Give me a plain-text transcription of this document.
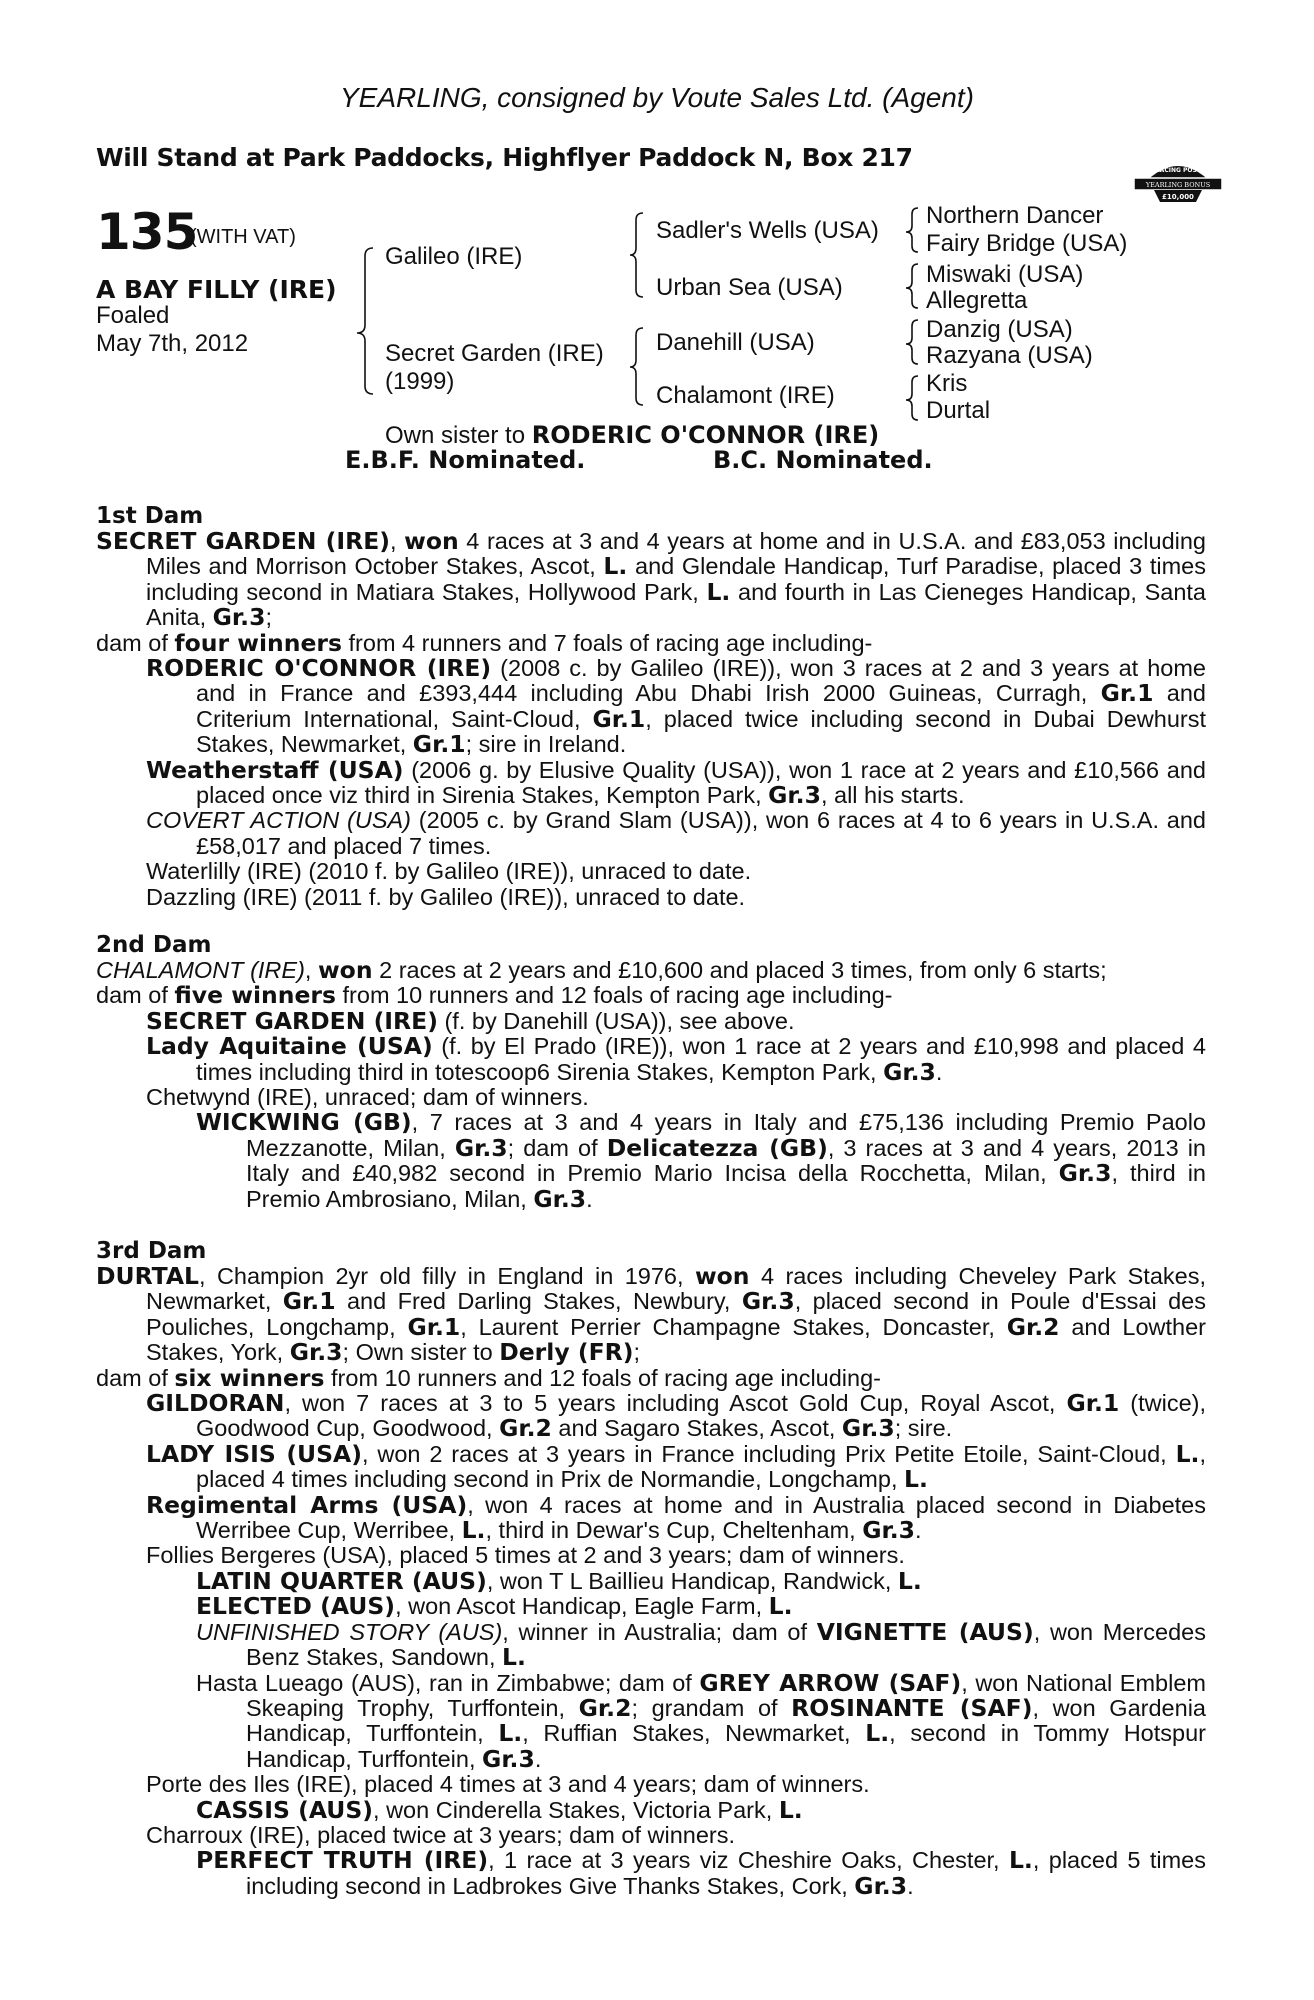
YEARLING, consigned by Voute Sales Ltd. (Agent)
Will Stand at Park Paddocks, Highflyer Paddock N, Box 217	RACING POST
YEARLING BONUS
£10,000
135
(WITH VAT)
A BAY FILLY (IRE)
Foaled
May 7th, 2012
Galileo (IRE)
Secret Garden (IRE)
(1999)
Sadler's Wells (USA)
Urban Sea (USA)
Danehill (USA)
Chalamont (IRE)
Northern Dancer
Fairy Bridge (USA)
Miswaki (USA)
Allegretta
Danzig (USA)
Razyana (USA)
Kris
Durtal
Own sister to RODERIC O'CONNOR (IRE)
E.B.F. Nominated.	B.C. Nominated.
1st Dam

SECRET GARDEN (IRE), won 4 races at 3 and 4 years at home and in U.S.A. and £83,053 including Miles and Morrison October Stakes, Ascot, L. and Glendale Handicap, Turf Paradise, placed 3 times including second in Matiara Stakes, Hollywood Park, L. and fourth in Las Cieneges Handicap, Santa Anita, Gr.3;

dam of four winners from 4 runners and 7 foals of racing age including-

RODERIC O'CONNOR (IRE) (2008 c. by Galileo (IRE)), won 3 races at 2 and 3 years at home and in France and £393,444 including Abu Dhabi Irish 2000 Guineas, Curragh, Gr.1 and Criterium International, Saint-Cloud, Gr.1, placed twice including second in Dubai Dewhurst Stakes, Newmarket, Gr.1; sire in Ireland.

Weatherstaff (USA) (2006 g. by Elusive Quality (USA)), won 1 race at 2 years and £10,566 and placed once viz third in Sirenia Stakes, Kempton Park, Gr.3, all his starts.

COVERT ACTION (USA) (2005 c. by Grand Slam (USA)), won 6 races at 4 to 6 years in U.S.A. and £58,017 and placed 7 times.

Waterlilly (IRE) (2010 f. by Galileo (IRE)), unraced to date.

Dazzling (IRE) (2011 f. by Galileo (IRE)), unraced to date.

2nd Dam

CHALAMONT (IRE), won 2 races at 2 years and £10,600 and placed 3 times, from only 6 starts;

dam of five winners from 10 runners and 12 foals of racing age including-

SECRET GARDEN (IRE) (f. by Danehill (USA)), see above.

Lady Aquitaine (USA) (f. by El Prado (IRE)), won 1 race at 2 years and £10,998 and placed 4 times including third in totescoop6 Sirenia Stakes, Kempton Park, Gr.3.

Chetwynd (IRE), unraced; dam of winners.

WICKWING (GB), 7 races at 3 and 4 years in Italy and £75,136 including Premio Paolo Mezzanotte, Milan, Gr.3; dam of Delicatezza (GB), 3 races at 3 and 4 years, 2013 in Italy and £40,982 second in Premio Mario Incisa della Rocchetta, Milan, Gr.3, third in Premio Ambrosiano, Milan, Gr.3.

3rd Dam

DURTAL, Champion 2yr old filly in England in 1976, won 4 races including Cheveley Park Stakes, Newmarket, Gr.1 and Fred Darling Stakes, Newbury, Gr.3, placed second in Poule d'Essai des Pouliches, Longchamp, Gr.1, Laurent Perrier Champagne Stakes, Doncaster, Gr.2 and Lowther Stakes, York, Gr.3; Own sister to Derly (FR);

dam of six winners from 10 runners and 12 foals of racing age including-

GILDORAN, won 7 races at 3 to 5 years including Ascot Gold Cup, Royal Ascot, Gr.1 (twice), Goodwood Cup, Goodwood, Gr.2 and Sagaro Stakes, Ascot, Gr.3; sire.

LADY ISIS (USA), won 2 races at 3 years in France including Prix Petite Etoile, Saint-Cloud, L., placed 4 times including second in Prix de Normandie, Longchamp, L.

Regimental Arms (USA), won 4 races at home and in Australia placed second in Diabetes Werribee Cup, Werribee, L., third in Dewar's Cup, Cheltenham, Gr.3.

Follies Bergeres (USA), placed 5 times at 2 and 3 years; dam of winners.

LATIN QUARTER (AUS), won T L Baillieu Handicap, Randwick, L.

ELECTED (AUS), won Ascot Handicap, Eagle Farm, L.

UNFINISHED STORY (AUS), winner in Australia; dam of VIGNETTE (AUS), won Mercedes Benz Stakes, Sandown, L.

Hasta Lueago (AUS), ran in Zimbabwe; dam of GREY ARROW (SAF), won National Emblem Skeaping Trophy, Turffontein, Gr.2; grandam of ROSINANTE (SAF), won Gardenia Handicap, Turffontein, L., Ruffian Stakes, Newmarket, L., second in Tommy Hotspur Handicap, Turffontein, Gr.3.

Porte des Iles (IRE), placed 4 times at 3 and 4 years; dam of winners.

CASSIS (AUS), won Cinderella Stakes, Victoria Park, L.

Charroux (IRE), placed twice at 3 years; dam of winners.

PERFECT TRUTH (IRE), 1 race at 3 years viz Cheshire Oaks, Chester, L., placed 5 times including second in Ladbrokes Give Thanks Stakes, Cork, Gr.3.
